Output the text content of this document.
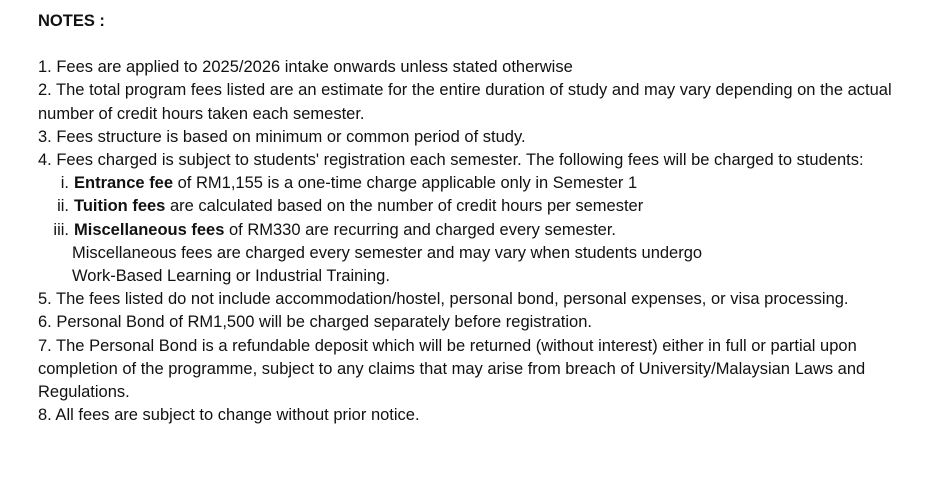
NOTES :
1. Fees are applied to 2025/2026 intake onwards unless stated otherwise
2. The total program fees listed are an estimate for the entire duration of study and may vary depending on the actual number of credit hours taken each semester.
3. Fees structure is based on minimum or common period of study.
4. Fees charged is subject to students' registration each semester. The following fees will be charged to students:
i. Entrance fee of RM1,155 is a one-time charge applicable only in Semester 1
ii. Tuition fees are calculated based on the number of credit hours per semester
iii. Miscellaneous fees of RM330 are recurring and charged every semester.
Miscellaneous fees are charged every semester and may vary when students undergo
Work-Based Learning or Industrial Training.
5. The fees listed do not include accommodation/hostel, personal bond, personal expenses, or visa processing.
6. Personal Bond of RM1,500 will be charged separately before registration.
7. The Personal Bond is a refundable deposit which will be returned (without interest) either in full or partial upon completion of the programme, subject to any claims that may arise from breach of University/Malaysian Laws and Regulations.
8. All fees are subject to change without prior notice.
